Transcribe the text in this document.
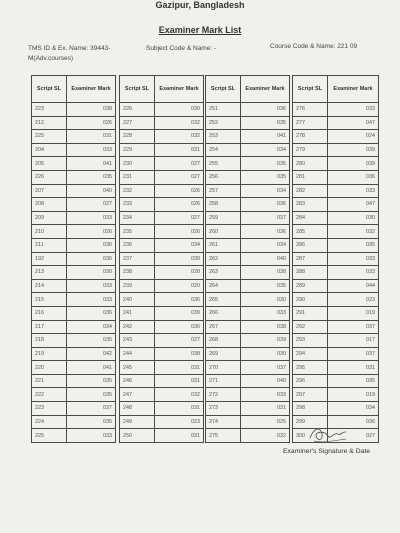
Gazipur, Bangladesh
Examiner Mark List
TMS ID & Ex. Name: 39443-
M(Adv.courses)
Subject Code & Name: -	Course Code & Name: 221 09
Script SL	Examiner Mark
223	038
212	026
225	031
204	033
205	041
226	035
207	040
208	027
209	033
210	026
211	036
192	036
213	030
214	033
215	033
216	036
217	034
218	035
219	042
220	041
221	035
222	035
223	037
224	035
225	033
Script SL	Examiner Mark
226	030
227	032
228	032
229	031
230	027
231	027
232	026
233	026
234	027
235	026
236	034
237	039
238	028
239	020
240	036
241	039
242	036
243	027
244	038
245	031
246	031
247	032
248	031
249	023
250	031
Script SL	Examiner Mark
251	036
252	035
253	041
254	034
255	035
256	035
257	034
258	036
259	037
260	036
261	034
262	040
263	038
264	035
265	030
266	033
267	038
268	039
269	030
270	037
271	040
272	033
273	031
274	025
275	032
Script SL	Examiner Mark
276	033
277	047
278	024
279	039
280	039
281	036
282	033
283	047
284	030
285	032
286	035
287	033
288	033
289	044
290	023
291	019
292	037
293	017
294	037
295	031
296	035
297	019
298	034
299	036
300	027
Examiner's Signature & Date
